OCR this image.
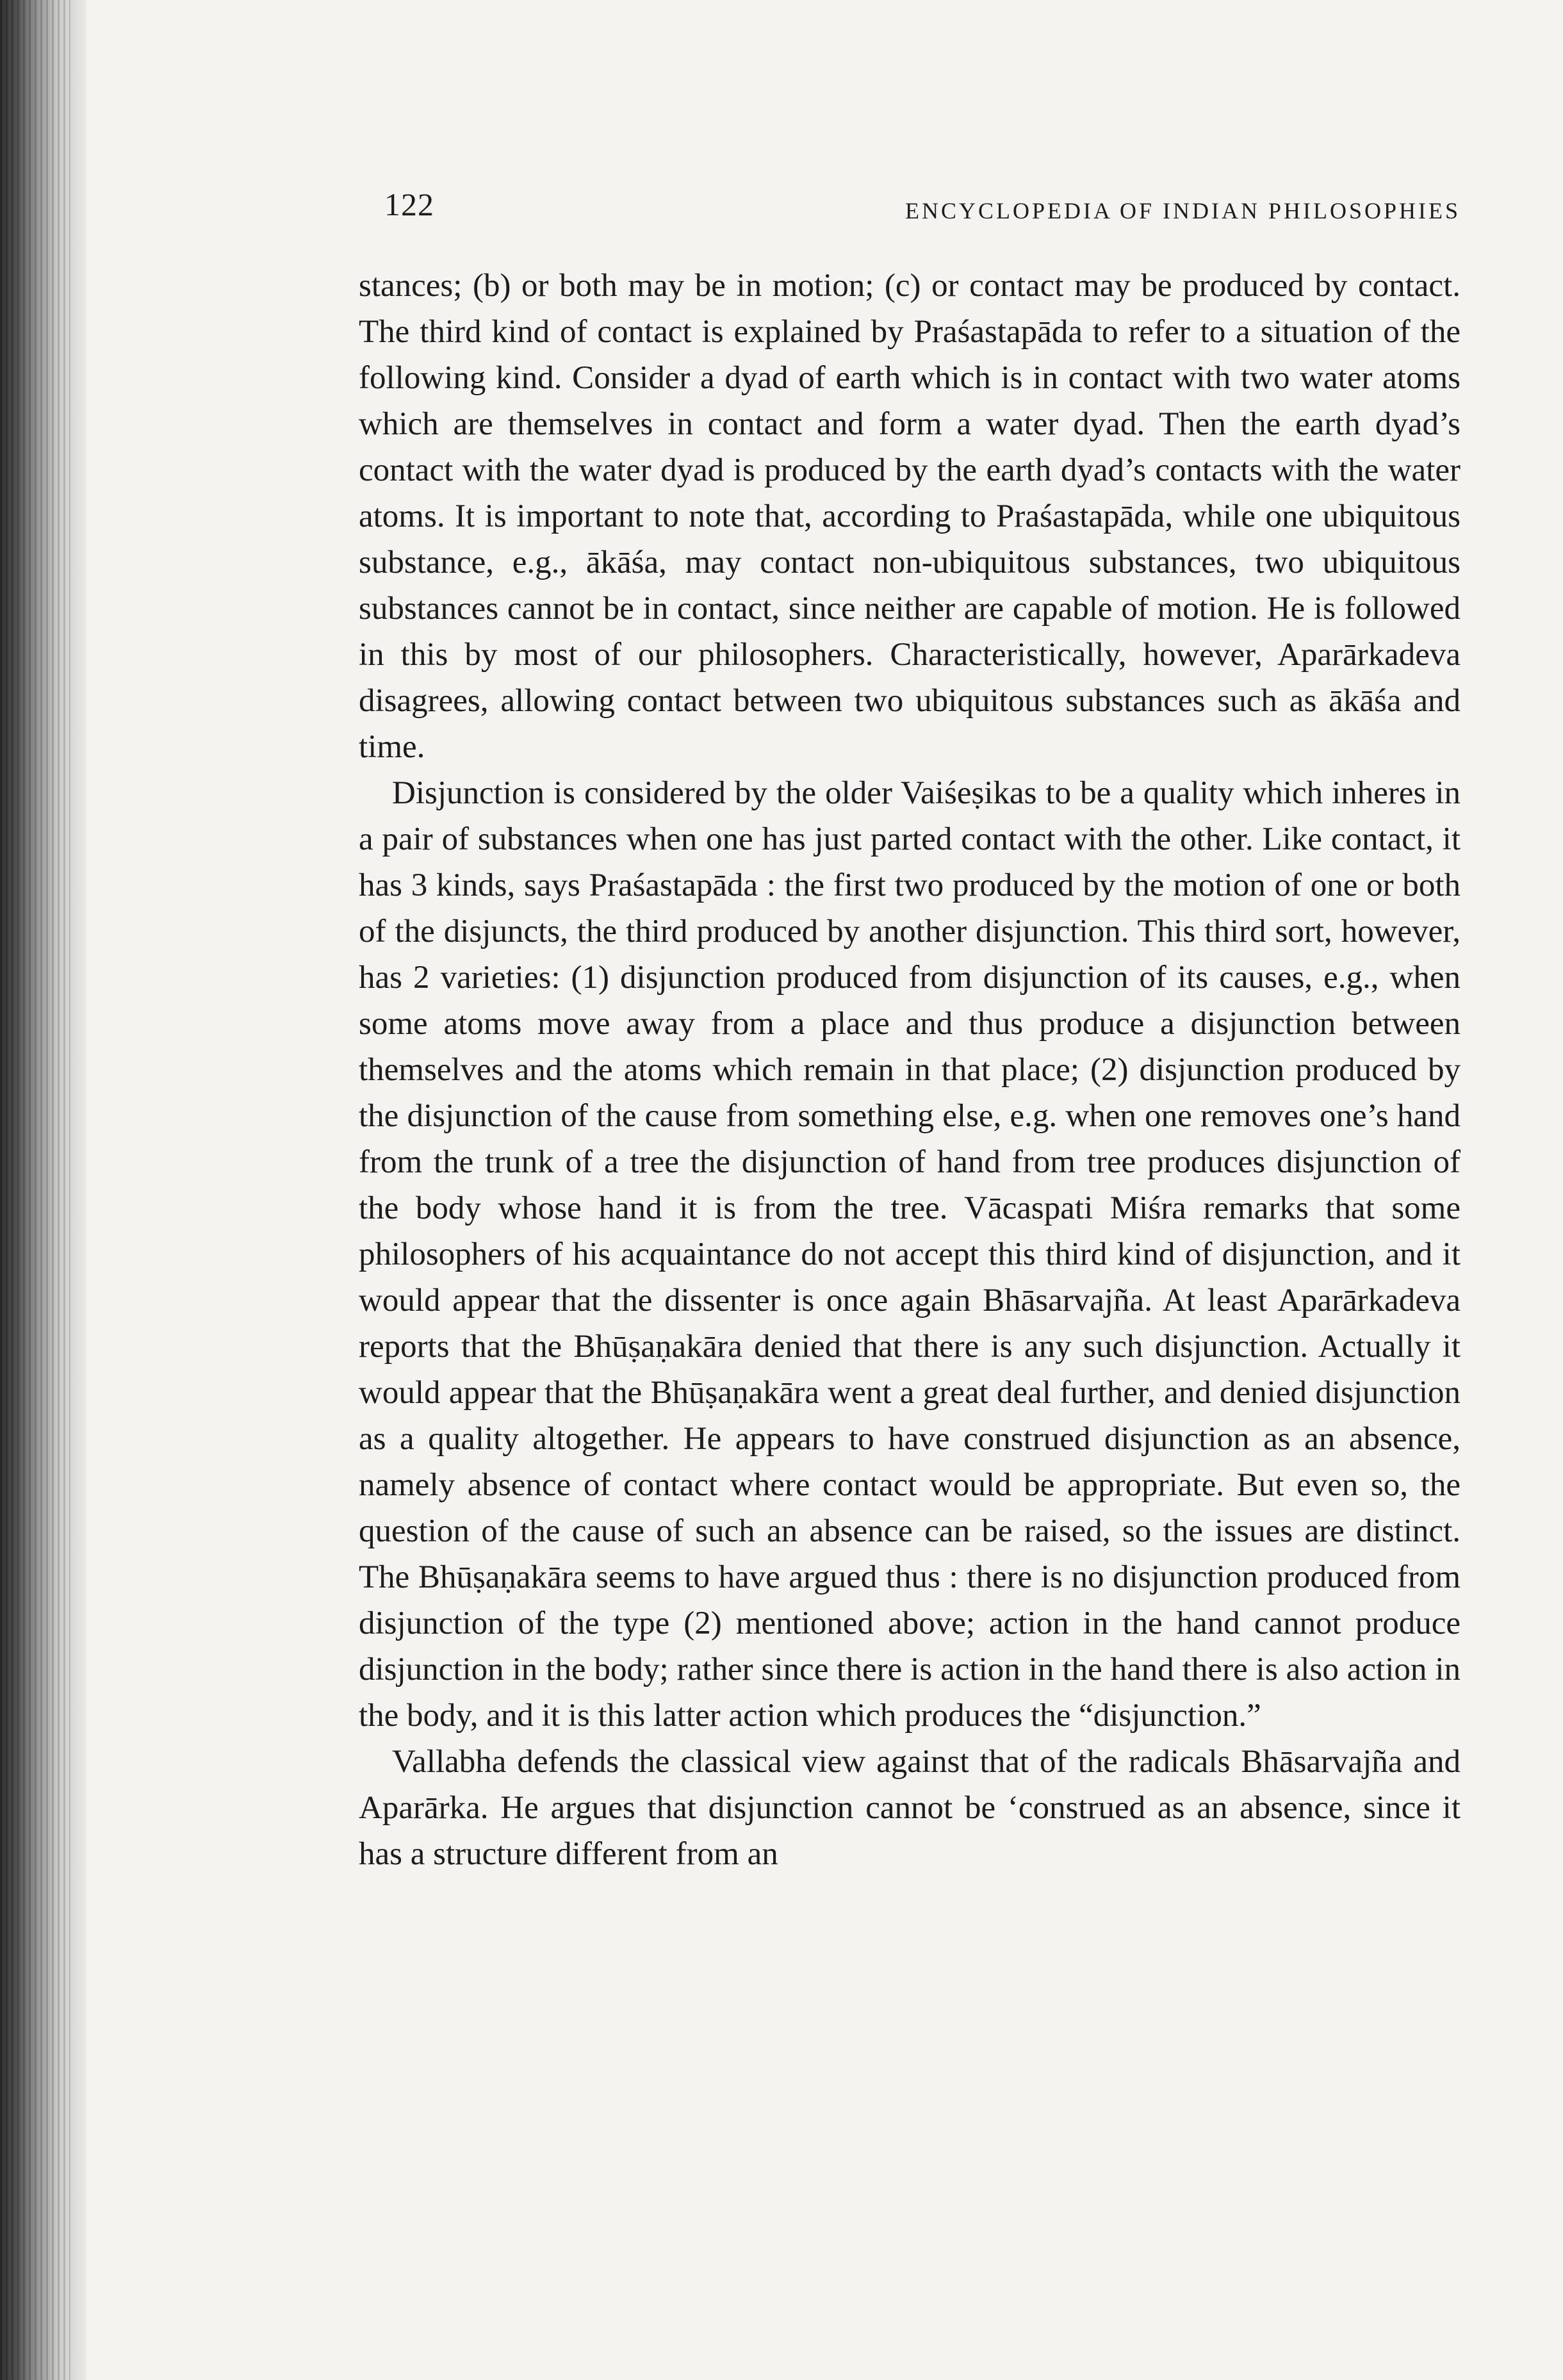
122	ENCYCLOPEDIA OF INDIAN PHILOSOPHIES

stances; (b) or both may be in motion; (c) or contact may be produced by contact. The third kind of contact is explained by Praśastapāda to refer to a situation of the following kind. Consider a dyad of earth which is in contact with two water atoms which are themselves in contact and form a water dyad. Then the earth dyad’s contact with the water dyad is produced by the earth dyad’s contacts with the water atoms. It is important to note that, according to Praśastapāda, while one ubiquitous substance, e.g., ākāśa, may contact non-ubiquitous substances, two ubiquitous substances cannot be in contact, since neither are capable of motion. He is followed in this by most of our philosophers. Characteristically, however, Aparārkadeva disagrees, allowing contact between two ubiquitous substances such as ākāśa and time.

Disjunction is considered by the older Vaiśeṣikas to be a quality which inheres in a pair of substances when one has just parted contact with the other. Like contact, it has 3 kinds, says Praśastapāda : the first two produced by the motion of one or both of the disjuncts, the third produced by another disjunction. This third sort, however, has 2 varieties: (1) disjunction produced from disjunction of its causes, e.g., when some atoms move away from a place and thus produce a disjunction between themselves and the atoms which remain in that place; (2) disjunction produced by the disjunction of the cause from something else, e.g. when one removes one’s hand from the trunk of a tree the disjunction of hand from tree produces disjunction of the body whose hand it is from the tree. Vācaspati Miśra remarks that some philosophers of his acquaintance do not accept this third kind of disjunction, and it would appear that the dissenter is once again Bhāsarvajña. At least Aparārkadeva reports that the Bhūṣaṇakāra denied that there is any such disjunction. Actually it would appear that the Bhūṣaṇakāra went a great deal further, and denied disjunction as a quality altogether. He appears to have construed disjunction as an absence, namely absence of contact where contact would be appropriate. But even so, the question of the cause of such an absence can be raised, so the issues are distinct. The Bhūṣaṇakāra seems to have argued thus : there is no disjunction produced from disjunction of the type (2) mentioned above; action in the hand cannot produce disjunction in the body; rather since there is action in the hand there is also action in the body, and it is this latter action which produces the “disjunction.”

Vallabha defends the classical view against that of the radicals Bhāsarvajña and Aparārka. He argues that disjunction cannot be ‘construed as an absence, since it has a structure different from an
